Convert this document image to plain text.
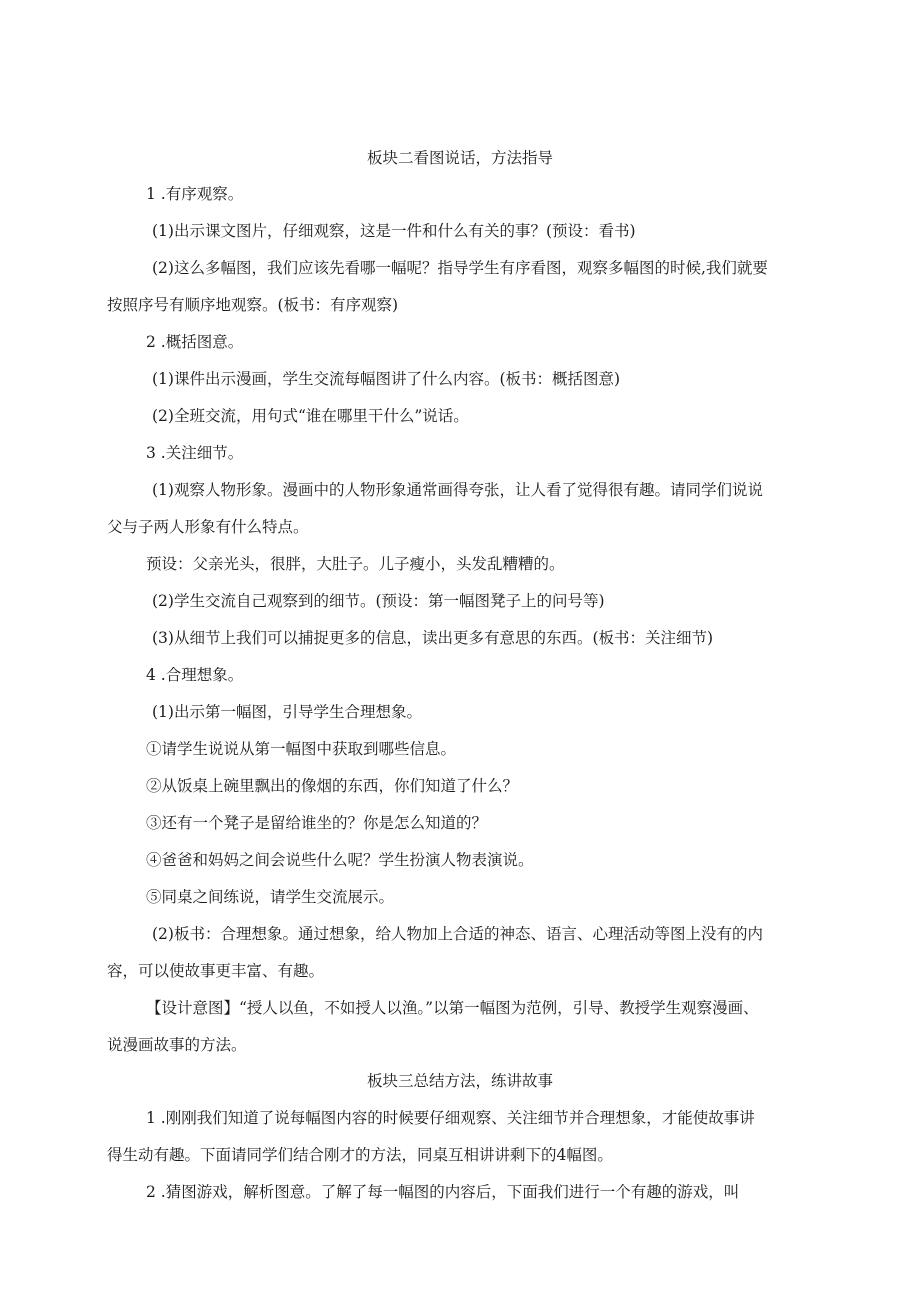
板块二看图说话，方法指导
1 .有序观察。
(1)出示课文图片，仔细观察，这是一件和什么有关的事？(预设：看书)
(2)这么多幅图，我们应该先看哪一幅呢？指导学生有序看图，观察多幅图的时候,我们就要
按照序号有顺序地观察。(板书：有序观察)
2 .概括图意。
(1)课件出示漫画，学生交流每幅图讲了什么内容。(板书：概括图意)
(2)全班交流，用句式“谁在哪里干什么”说话。
3 .关注细节。
(1)观察人物形象。漫画中的人物形象通常画得夸张，让人看了觉得很有趣。请同学们说说
父与子两人形象有什么特点。
预设：父亲光头，很胖，大肚子。儿子瘦小，头发乱糟糟的。
(2)学生交流自己观察到的细节。(预设：第一幅图凳子上的问号等)
(3)从细节上我们可以捕捉更多的信息，读出更多有意思的东西。(板书：关注细节)
4 .合理想象。
(1)出示第一幅图，引导学生合理想象。
①请学生说说从第一幅图中获取到哪些信息。
②从饭桌上碗里飘出的像烟的东西，你们知道了什么？
③还有一个凳子是留给谁坐的？你是怎么知道的？
④爸爸和妈妈之间会说些什么呢？学生扮演人物表演说。
⑤同桌之间练说，请学生交流展示。
(2)板书：合理想象。通过想象，给人物加上合适的神态、语言、心理活动等图上没有的内
容，可以使故事更丰富、有趣。
【设计意图】“授人以鱼，不如授人以渔。”以第一幅图为范例，引导、教授学生观察漫画、
说漫画故事的方法。
板块三总结方法，练讲故事
1 .刚刚我们知道了说每幅图内容的时候要仔细观察、关注细节并合理想象，才能使故事讲
得生动有趣。下面请同学们结合刚才的方法，同桌互相讲讲剩下的4幅图。
2 .猜图游戏，解析图意。了解了每一幅图的内容后，下面我们进行一个有趣的游戏，叫
